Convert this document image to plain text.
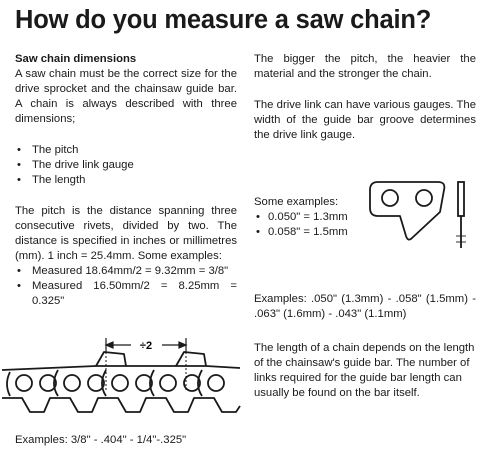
How do you measure a saw chain?

Saw chain dimensions

A saw chain must be the correct size for the drive sprocket and the chainsaw guide bar. A chain is always described with three dimensions;

• The pitch
• The drive link gauge
• The length

The pitch is the distance spanning three consecutive rivets, divided by two. The distance is specified in inches or millimetres (mm). 1 inch = 25.4mm. Some examples:

• Measured 18.64mm/2 = 9.32mm = 3/8"
• Measured 16.50mm/2 = 8.25mm = 0.325"
÷2
Examples: 3/8" - .404" - 1/4"-.325"

The bigger the pitch, the heavier the material and the stronger the chain.

The drive link can have various gauges. The width of the guide bar groove determines the drive link gauge.

Some examples:

• 0.050" = 1.3mm
• 0.058" = 1.5mm
Examples: .050" (1.3mm) - .058" (1.5mm) - .063" (1.6mm) - .043" (1.1mm)
The length of a chain depends on the length of the chainsaw's guide bar. The number of links required for the guide bar length can usually be found on the bar itself.
